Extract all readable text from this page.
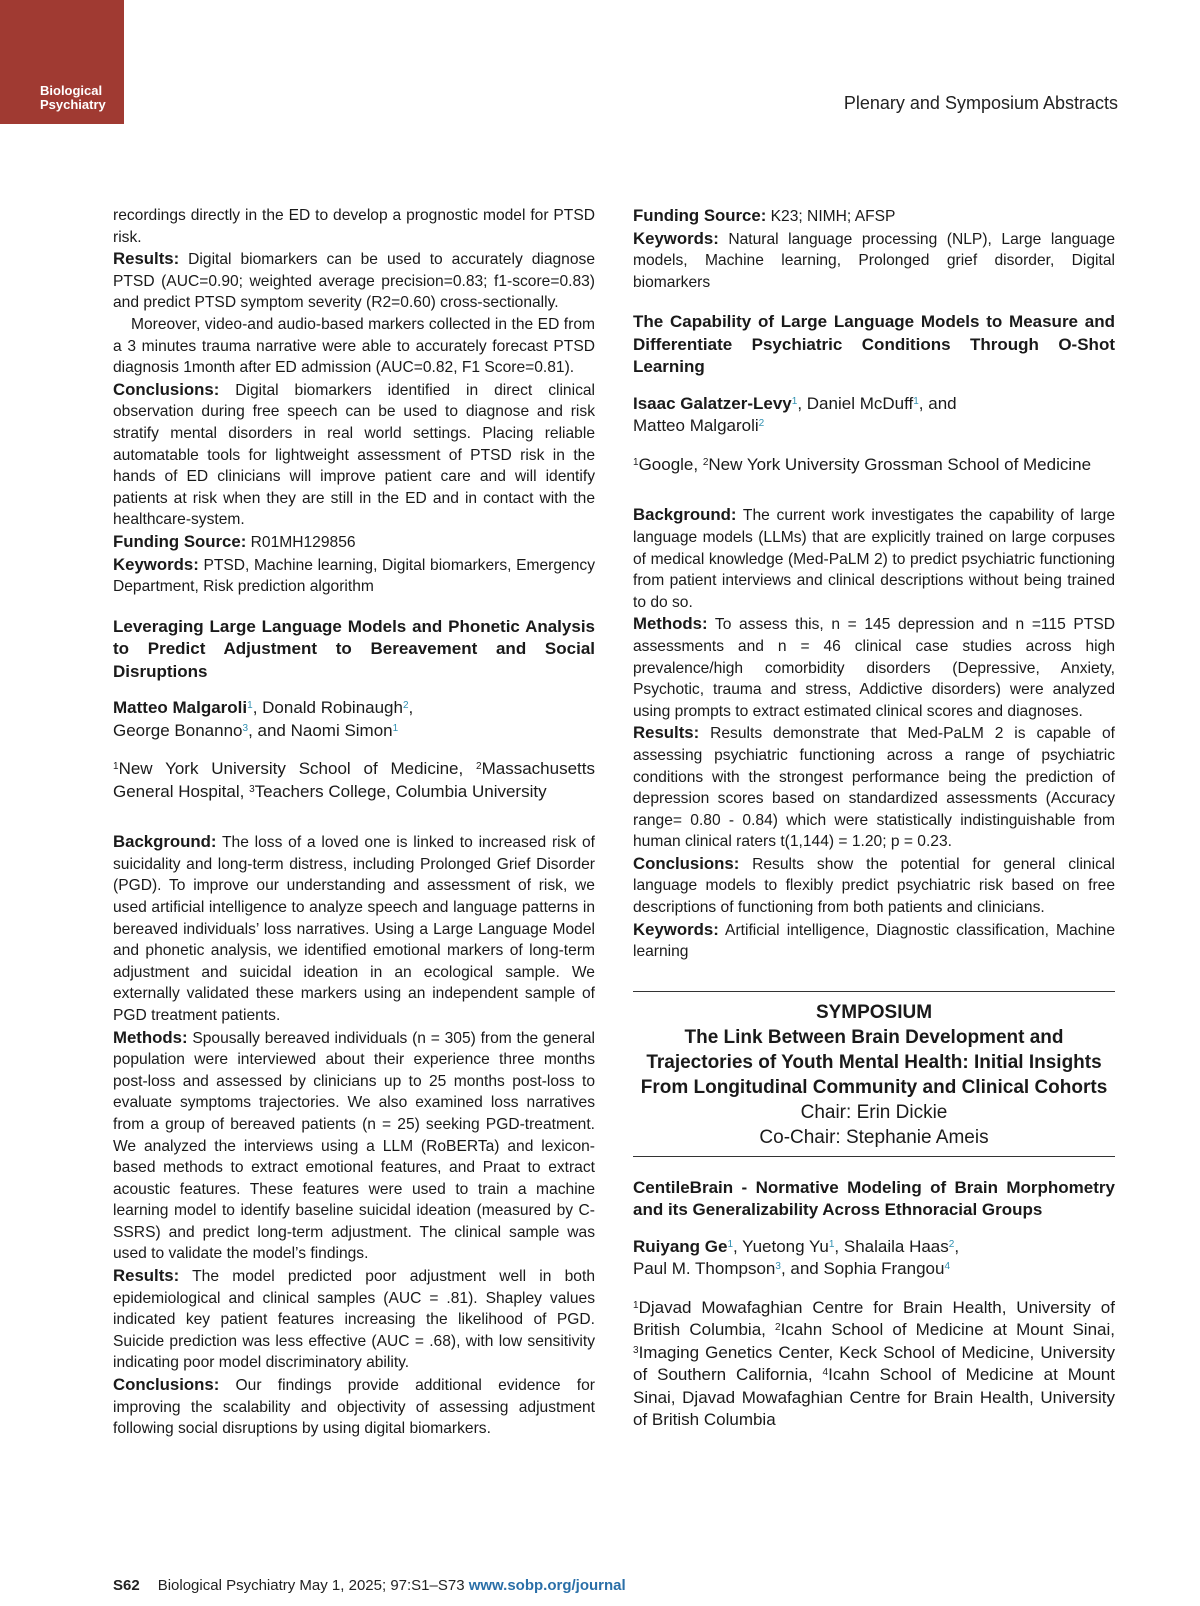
Biological
Psychiatry	Plenary and Symposium Abstracts

recordings directly in the ED to develop a prognostic model for PTSD risk.

Results: Digital biomarkers can be used to accurately diagnose PTSD (AUC=0.90; weighted average precision=0.83; f1-score=0.83) and predict PTSD symptom severity (R2=0.60) cross-sectionally.

Moreover, video-and audio-based markers collected in the ED from a 3 minutes trauma narrative were able to accurately forecast PTSD diagnosis 1month after ED admission (AUC=0.82, F1 Score=0.81).

Conclusions: Digital biomarkers identified in direct clinical observation during free speech can be used to diagnose and risk stratify mental disorders in real world settings. Placing reliable automatable tools for lightweight assessment of PTSD risk in the hands of ED clinicians will improve patient care and will identify patients at risk when they are still in the ED and in contact with the healthcare-system.

Funding Source: R01MH129856

Keywords: PTSD, Machine learning, Digital biomarkers, Emergency Department, Risk prediction algorithm

Leveraging Large Language Models and Phonetic Analysis to Predict Adjustment to Bereavement and Social Disruptions
Matteo Malgaroli$^1$, Donald Robinaugh$^2$,
George Bonanno$^3$, and Naomi Simon$^1$
$^1$New York University School of Medicine, $^2$Massachusetts General Hospital, $^3$Teachers College, Columbia University

Background: The loss of a loved one is linked to increased risk of suicidality and long-term distress, including Prolonged Grief Disorder (PGD). To improve our understanding and assessment of risk, we used artificial intelligence to analyze speech and language patterns in bereaved individuals’ loss narratives. Using a Large Language Model and phonetic analysis, we identified emotional markers of long-term adjustment and suicidal ideation in an ecological sample. We externally validated these markers using an independent sample of PGD treatment patients.

Methods: Spousally bereaved individuals (n = 305) from the general population were interviewed about their experience three months post-loss and assessed by clinicians up to 25 months post-loss to evaluate symptoms trajectories. We also examined loss narratives from a group of bereaved patients (n = 25) seeking PGD-treatment. We analyzed the interviews using a LLM (RoBERTa) and lexicon-based methods to extract emotional features, and Praat to extract acoustic features. These features were used to train a machine learning model to identify baseline suicidal ideation (measured by C-SSRS) and predict long-term adjustment. The clinical sample was used to validate the model’s findings.

Results: The model predicted poor adjustment well in both epidemiological and clinical samples (AUC = .81). Shapley values indicated key patient features increasing the likelihood of PGD. Suicide prediction was less effective (AUC = .68), with low sensitivity indicating poor model discriminatory ability.

Conclusions: Our findings provide additional evidence for improving the scalability and objectivity of assessing adjustment following social disruptions by using digital biomarkers.

Funding Source: K23; NIMH; AFSP

Keywords: Natural language processing (NLP), Large language models, Machine learning, Prolonged grief disorder, Digital biomarkers

The Capability of Large Language Models to Measure and Differentiate Psychiatric Conditions Through O-Shot Learning
Isaac Galatzer-Levy$^1$, Daniel McDuff$^1$, and
Matteo Malgaroli$^2$
$^1$Google, $^2$New York University Grossman School of Medicine

Background: The current work investigates the capability of large language models (LLMs) that are explicitly trained on large corpuses of medical knowledge (Med-PaLM 2) to predict psychiatric functioning from patient interviews and clinical descriptions without being trained to do so.

Methods: To assess this, n = 145 depression and n =115 PTSD assessments and n = 46 clinical case studies across high prevalence/high comorbidity disorders (Depressive, Anxiety, Psychotic, trauma and stress, Addictive disorders) were analyzed using prompts to extract estimated clinical scores and diagnoses.

Results: Results demonstrate that Med-PaLM 2 is capable of assessing psychiatric functioning across a range of psychiatric conditions with the strongest performance being the prediction of depression scores based on standardized assessments (Accuracy range= 0.80 - 0.84) which were statistically indistinguishable from human clinical raters t(1,144) = 1.20; p = 0.23.

Conclusions: Results show the potential for general clinical language models to flexibly predict psychiatric risk based on free descriptions of functioning from both patients and clinicians.

Keywords: Artificial intelligence, Diagnostic classification, Machine learning

SYMPOSIUM
The Link Between Brain Development and Trajectories of Youth Mental Health: Initial Insights From Longitudinal Community and Clinical Cohorts
Chair: Erin Dickie
Co-Chair: Stephanie Ameis
CentileBrain - Normative Modeling of Brain Morphometry and its Generalizability Across Ethnoracial Groups
Ruiyang Ge$^1$, Yuetong Yu$^1$, Shalaila Haas$^2$,
Paul M. Thompson$^3$, and Sophia Frangou$^4$
$^1$Djavad Mowafaghian Centre for Brain Health, University of British Columbia, $^2$Icahn School of Medicine at Mount Sinai, $^3$Imaging Genetics Center, Keck School of Medicine, University of Southern California, $^4$Icahn School of Medicine at Mount Sinai, Djavad Mowafaghian Centre for Brain Health, University of British Columbia
S62 Biological Psychiatry May 1, 2025; 97:S1–S73 www.sobp.org/journal
